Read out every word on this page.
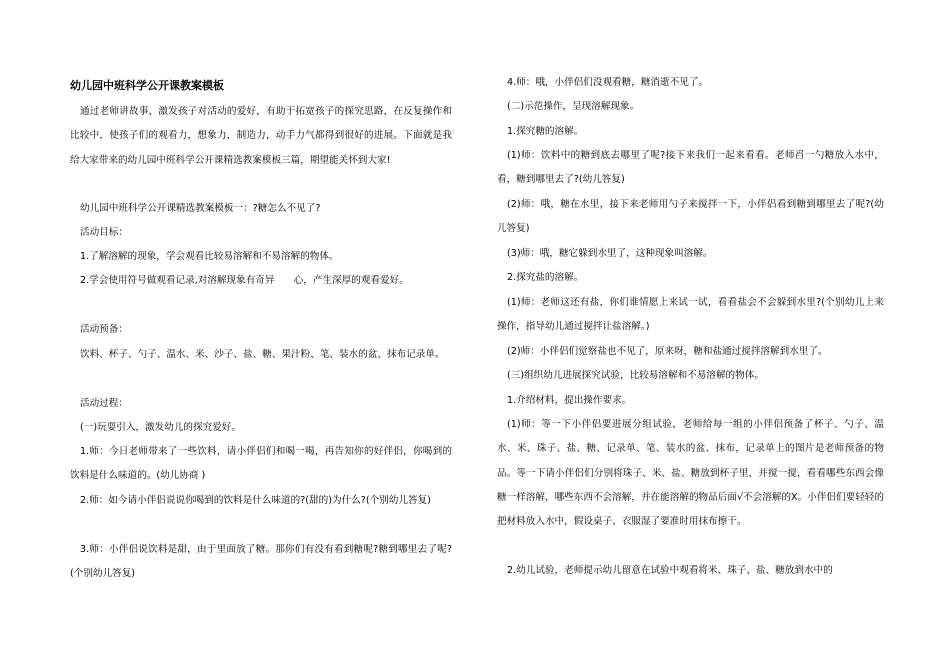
幼儿园中班科学公开课教案模板
通过老师讲故事，激发孩子对活动的爱好，有助于拓宽孩子的探究思路，在反复操作和比较中，使孩子们的观看力，想象力，制造力，动手力气都得到很好的进展。下面就是我给大家带来的幼儿园中班科学公开课精选教案模板三篇，期望能关怀到大家!
幼儿园中班科学公开课精选教案模板一：?糖怎么不见了?
活动目标：
1.了解溶解的现象，学会观看比较易溶解和不易溶解的物体。
2.学会使用符号做观看记录,对溶解现象有奇异　　心，产生深厚的观看爱好。
活动预备：
饮料、杯子、勺子、温水、米、沙子、盐、糖、果汁粉、笔、装水的盆、抹布记录单。
活动过程：
(一)玩耍引入，激发幼儿的探究爱好。
1.师：今日老师带来了一些饮料，请小伴侣们和喝一喝，再告知你的好伴侣，你喝到的饮料是什么味道的。(幼儿协商 )
2.师：如今请小伴侣说说你喝到的饮料是什么味道的?(甜的)为什么?(个别幼儿答复)
3.师：小伴侣说饮料是甜，由于里面放了糖。那你们有没有看到糖呢?糖到哪里去了呢?(个别幼儿答复)
4.师：哦，小伴侣们没观看糖，糖消逝不见了。
(二)示范操作，呈现溶解现象。
1.探究糖的溶解。
(1)师：饮料中的糖到底去哪里了呢?接下来我们一起来看看。老师舀一勺糖放入水中，看，糖到哪里去了?(幼儿答复)
(2)师：哦，糖在水里，接下来老师用勺子来搅拌一下，小伴侣看到糖到哪里去了呢?(幼儿答复)
(3)师：哦，糖它躲到水里了，这种现象叫溶解。
2.探究盐的溶解。
(1)师：老师这还有盐，你们谁情愿上来试一试，看看盐会不会躲到水里?(个别幼儿上来操作，指导幼儿通过搅拌让盐溶解。)
(2)师：小伴侣们觉察盐也不见了，原来呀，糖和盐通过搅拌溶解到水里了。
(三)组织幼儿进展探究试验，比较易溶解和不易溶解的物体。
1.介绍材料，提出操作要求。
(1)师：等一下小伴侣要进展分组试验，老师给每一组的小伴侣预备了杯子、勺子、温水、米、珠子、盐、糖、记录单、笔、装水的盆、抹布，记录单上的图片是老师预备的物品。等一下请小伴侣们分别将珠子、米、盐、糖放到杯子里，并搅一搅，看看哪些东西会像糖一样溶解，哪些东西不会溶解，并在能溶解的物品后面√不会溶解的X。小伴侣们要轻轻的把材料放入水中，假设桌子、衣服湿了要准时用抹布擦干。
2.幼儿试验，老师提示幼儿留意在试验中观看将米、珠子、盐、糖放到水中的
